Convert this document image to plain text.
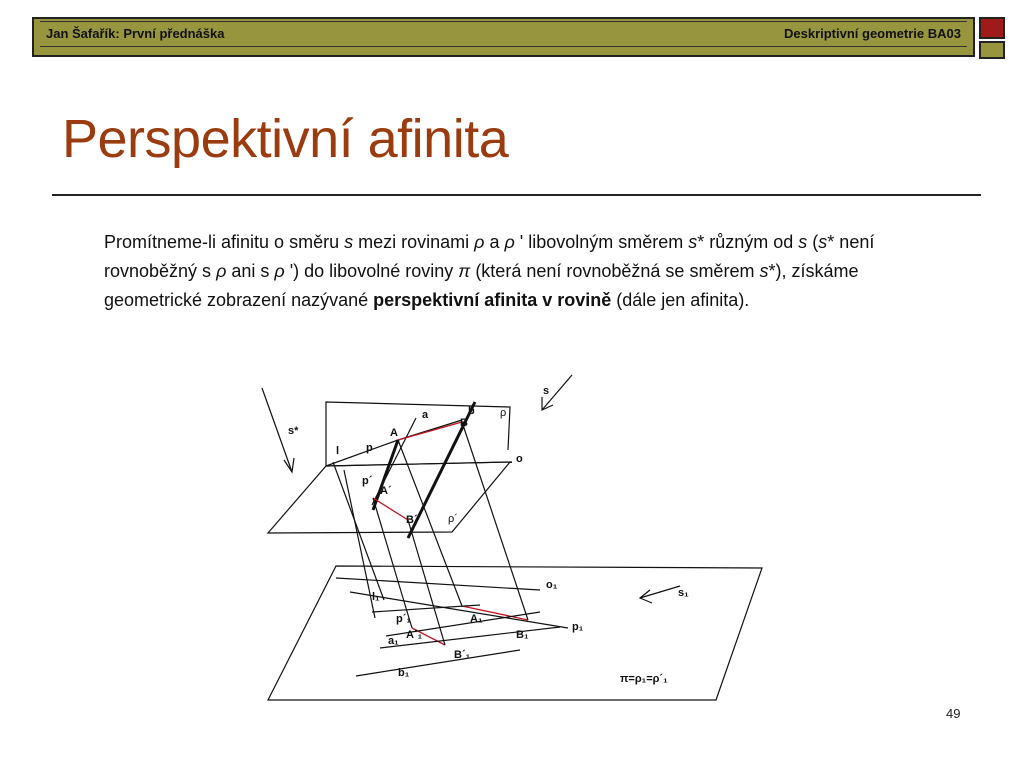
Jan Šafařík: První přednáška	Deskriptivní geometrie BA03
Perspektivní afinita
Promítneme-li afinitu o směru s mezi rovinami ρ a ρ ' libovolným směrem s* různým od s (s* není rovnoběžný s ρ ani s ρ ') do libovolné roviny π (která není rovnoběžná se směrem s*), získáme geometrické zobrazení nazývané perspektivní afinita v rovině (dále jen afinita).
s*
s
a	b ρ
A
B
l p
o
p´
A´
B´	ρ´
o₁
l₁	s₁
p´₁	A₁
p₁
a₁ A´₁	B₁
B´₁
b₁	π=ρ₁=ρ´₁
49
